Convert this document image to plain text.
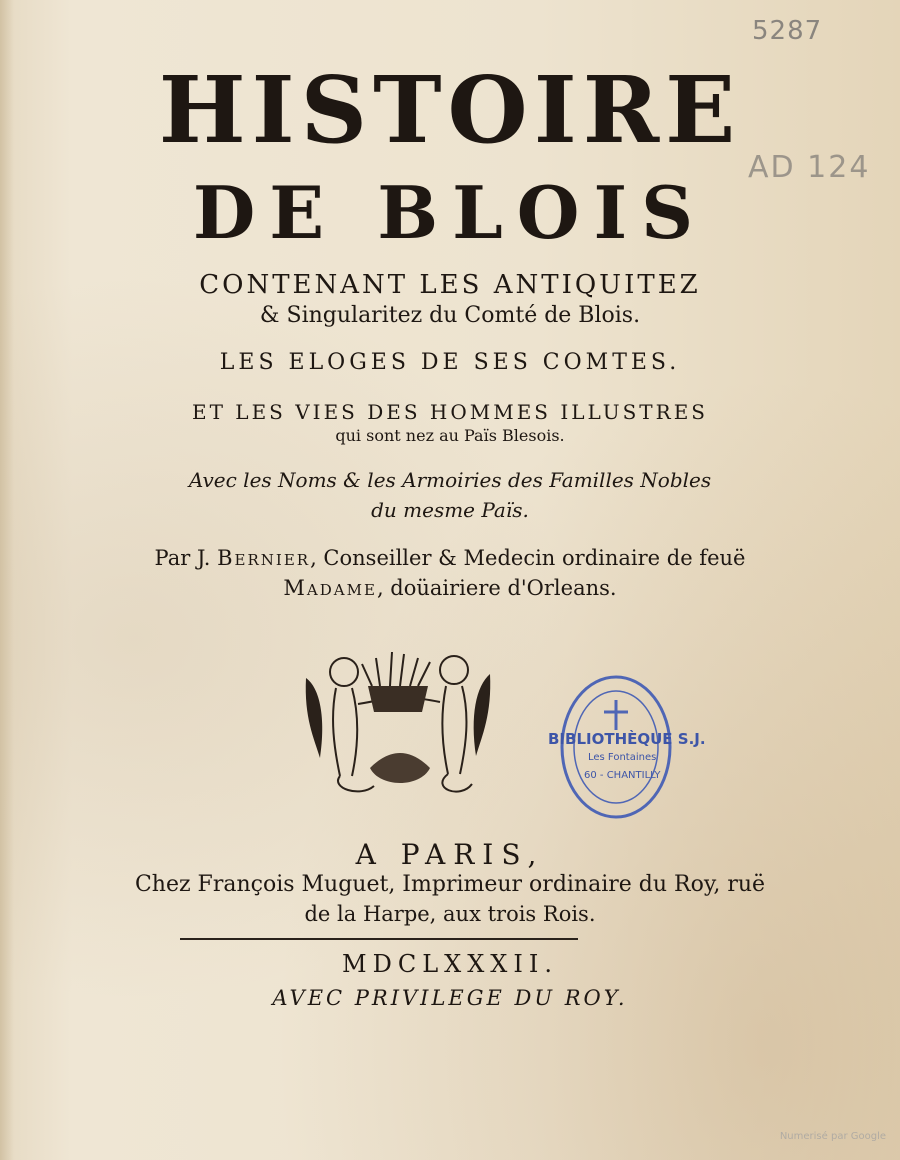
5287
AD 124
HISTOIRE
DE BLOIS
CONTENANT LES ANTIQUITEZ
& Singularitez du Comté de Blois.
LES ELOGES DE SES COMTES.
ET LES VIES DES HOMMES ILLUSTRES
qui sont nez au Païs Blesois.
Avec les Noms & les Armoiries des Familles Nobles
du mesme Païs.
Par J. Bernier, Conseiller & Medecin ordinaire de feuë
Madame, doüairiere d'Orleans.
BIBLIOTHÈQUE S.J.
Les Fontaines
60 - CHANTILLY
A PARIS,
Chez François Muguet, Imprimeur ordinaire du Roy, ruë
de la Harpe, aux trois Rois.
MDCLXXXII.
AVEC PRIVILEGE DU ROY.
Numerisé par Google
